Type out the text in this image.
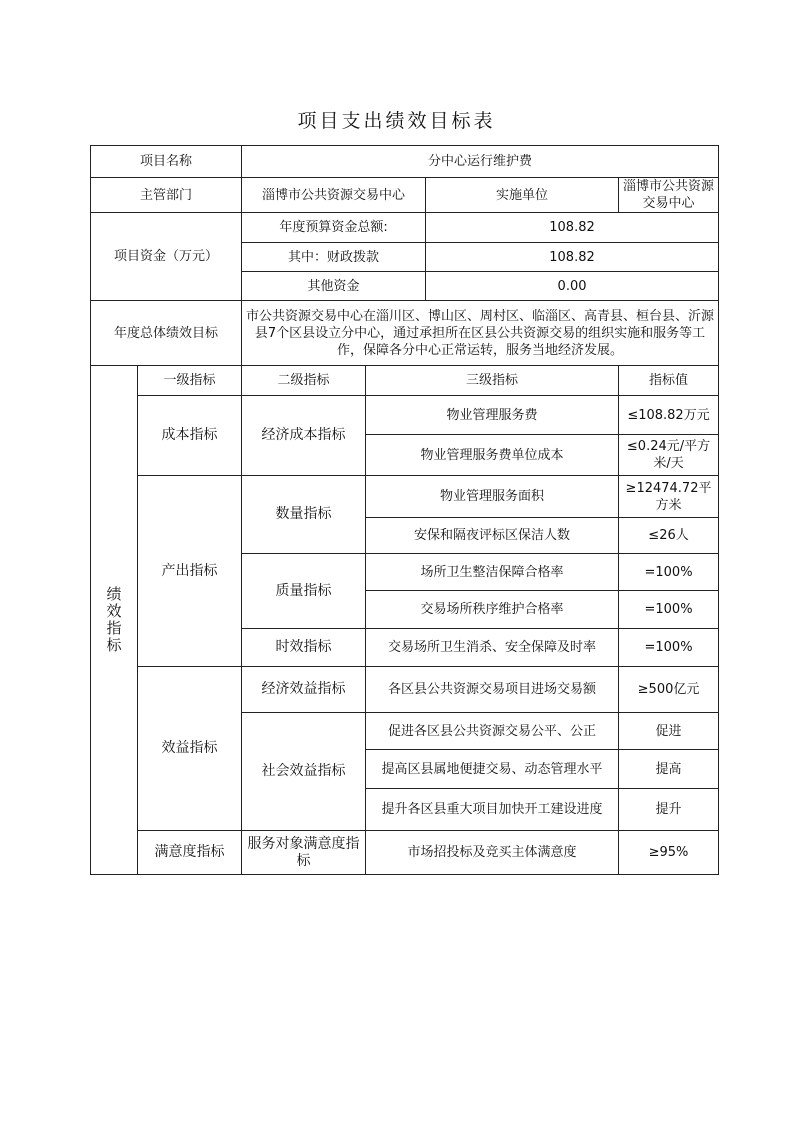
项目支出绩效目标表
项目名称		分中心运行维护费			
主管部门		淄博市公共资源交易中心		实施单位	淄博市公共资源交易中心
项目资金（万元）		年度预算资金总额:		108.82	
		其中：财政拨款		108.82	
		其他资金		0.00	
年度总体绩效目标		市公共资源交易中心在淄川区、博山区、周村区、临淄区、高青县、桓台县、沂源县7个区县设立分中心，通过承担所在区县公共资源交易的组织实施和服务等工作，保障各分中心正常运转，服务当地经济发展。			

绩
效
指
标	一级指标	二级指标	三级指标		指标值
	成本指标	经济成本指标	物业管理服务费		≤108.82万元
			物业管理服务费单位成本		≤0.24元/平方米/天
	产出指标	数量指标	物业管理服务面积		≥12474.72平方米
			安保和隔夜评标区保洁人数		≤26人
		质量指标	场所卫生整洁保障合格率		=100%
			交易场所秩序维护合格率		=100%
		时效指标	交易场所卫生消杀、安全保障及时率		=100%
	效益指标	经济效益指标	各区县公共资源交易项目进场交易额		≥500亿元
		社会效益指标	促进各区县公共资源交易公平、公正		促进
			提高区县属地便捷交易、动态管理水平		提高
			提升各区县重大项目加快开工建设进度		提升
	满意度指标	服务对象满意度指标	市场招投标及竞买主体满意度		≥95%
